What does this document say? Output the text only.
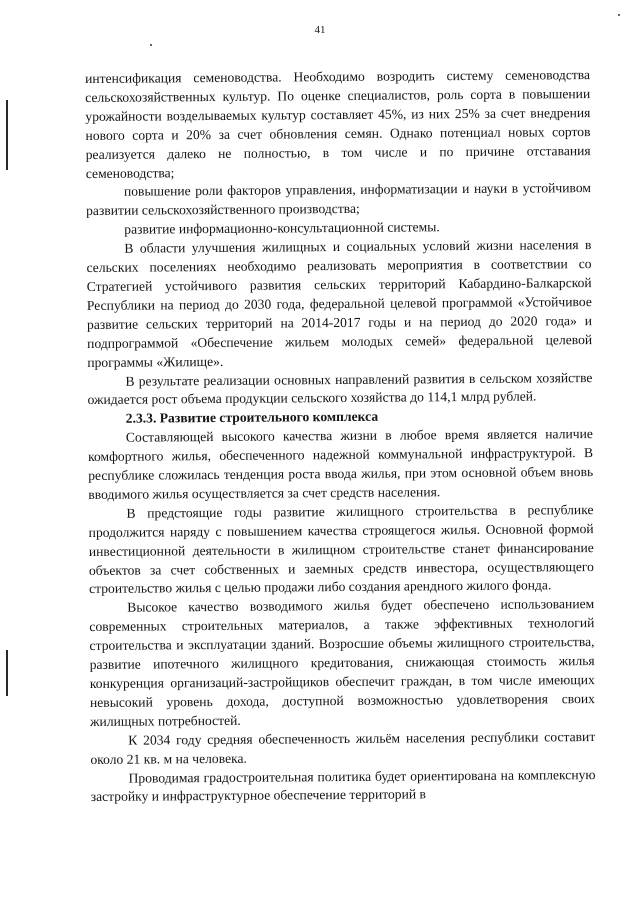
41

интенсификация семеноводства. Необходимо возродить систему семеноводства сельскохозяйственных культур. По оценке специалистов, роль сорта в повышении урожайности возделываемых культур составляет 45%, из них 25% за счет внедрения нового сорта и 20% за счет обновления семян. Однако потенциал новых сортов реализуется далеко не полностью, в том числе и по причине отставания семеноводства;

повышение роли факторов управления, информатизации и науки в устойчивом развитии сельскохозяйственного производства;

развитие информационно-консультационной системы.

В области улучшения жилищных и социальных условий жизни населения в сельских поселениях необходимо реализовать мероприятия в соответствии со Стратегией устойчивого развития сельских территорий Кабардино-Балкарской Республики на период до 2030 года, федеральной целевой программой «Устойчивое развитие сельских территорий на 2014-2017 годы и на период до 2020 года» и подпрограммой «Обеспечение жильем молодых семей» федеральной целевой программы «Жилище».

В результате реализации основных направлений развития в сельском хозяйстве ожидается рост объема продукции сельского хозяйства до 114,1 млрд рублей.

2.3.3. Развитие строительного комплекса

Составляющей высокого качества жизни в любое время является наличие комфортного жилья, обеспеченного надежной коммунальной инфраструктурой. В республике сложилась тенденция роста ввода жилья, при этом основной объем вновь вводимого жилья осуществляется за счет средств населения.

В предстоящие годы развитие жилищного строительства в республике продолжится наряду с повышением качества строящегося жилья. Основной формой инвестиционной деятельности в жилищном строительстве станет финансирование объектов за счет собственных и заемных средств инвестора, осуществляющего строительство жилья с целью продажи либо создания арендного жилого фонда.

Высокое качество возводимого жилья будет обеспечено использованием современных строительных материалов, а также эффективных технологий строительства и эксплуатации зданий. Возросшие объемы жилищного строительства, развитие ипотечного жилищного кредитования, снижающая стоимость жилья конкуренция организаций-застройщиков обеспечит граждан, в том числе имеющих невысокий уровень дохода, доступной возможностью удовлетворения своих жилищных потребностей.

К 2034 году средняя обеспеченность жильём населения республики составит около 21 кв. м на человека.

Проводимая градостроительная политика будет ориентирована на комплексную застройку и инфраструктурное обеспечение территорий в
